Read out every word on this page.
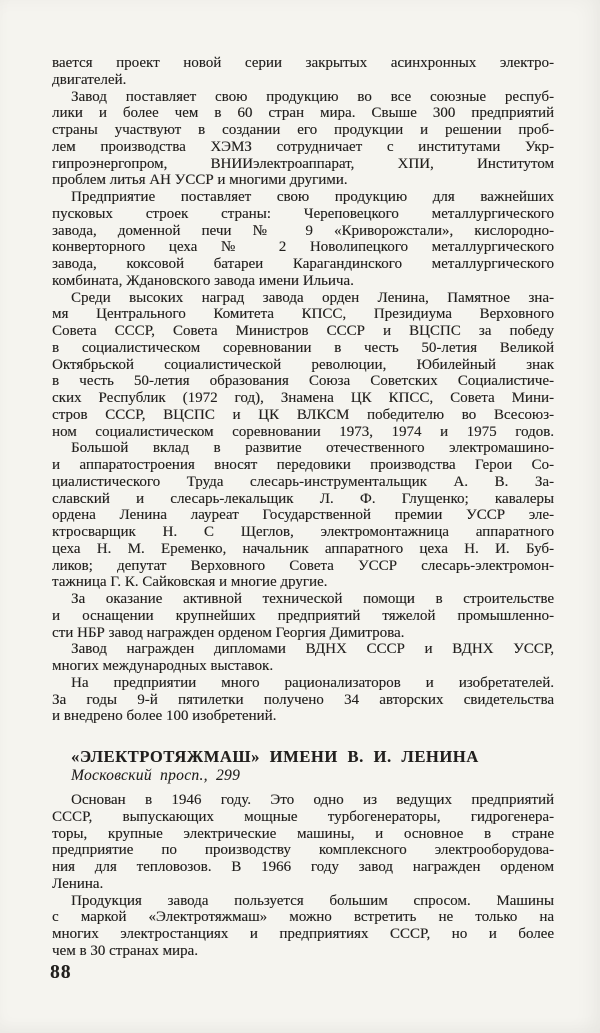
вается проект новой серии закрытых асинхронных электро-
двигателей.
Завод поставляет свою продукцию во все союзные респуб-
лики и более чем в 60 стран мира. Свыше 300 предприятий
страны участвуют в создании его продукции и решении проб-
лем производства ХЭМЗ сотрудничает с институтами Укр-
гипроэнергопром, ВНИИэлектроаппарат, ХПИ, Институтом
проблем литья АН УССР и многими другими.
Предприятие поставляет свою продукцию для важнейших
пусковых строек страны: Череповецкого металлургического
завода, доменной печи № 9 «Криворожстали», кислородно-
конверторного цеха № 2 Новолипецкого металлургического
завода, коксовой батареи Карагандинского металлургического
комбината, Ждановского завода имени Ильича.
Среди высоких наград завода орден Ленина, Памятное зна-
мя Центрального Комитета КПСС, Президиума Верховного
Совета СССР, Совета Министров СССР и ВЦСПС за победу
в социалистическом соревновании в честь 50-летия Великой
Октябрьской социалистической революции, Юбилейный знак
в честь 50-летия образования Союза Советских Социалистиче-
ских Республик (1972 год), Знамена ЦК КПСС, Совета Мини-
стров СССР, ВЦСПС и ЦК ВЛКСМ победителю во Всесоюз-
ном социалистическом соревновании 1973, 1974 и 1975 годов.
Большой вклад в развитие отечественного электромашино-
и аппаратостроения вносят передовики производства Герои Со-
циалистического Труда слесарь-инструментальщик А. В. За-
славский и слесарь-лекальщик Л. Ф. Глущенко; кавалеры
ордена Ленина лауреат Государственной премии УССР эле-
ктросварщик Н. С Щеглов, электромонтажница аппаратного
цеха Н. М. Еременко, начальник аппаратного цеха Н. И. Буб-
ликов; депутат Верховного Совета УССР слесарь-электромон-
тажница Г. К. Сайковская и многие другие.
За оказание активной технической помощи в строительстве
и оснащении крупнейших предприятий тяжелой промышленно-
сти НБР завод награжден орденом Георгия Димитрова.
Завод награжден дипломами ВДНХ СССР и ВДНХ УССР,
многих международных выставок.
На предприятии много рационализаторов и изобретателей.
За годы 9-й пятилетки получено 34 авторских свидетельства
и внедрено более 100 изобретений.
«ЭЛЕКТРОТЯЖМАШ» ИМЕНИ В. И. ЛЕНИНА
Московский просп., 299
Основан в 1946 году. Это одно из ведущих предприятий
СССР, выпускающих мощные турбогенераторы, гидрогенера-
торы, крупные электрические машины, и основное в стране
предприятие по производству комплексного электрооборудова-
ния для тепловозов. В 1966 году завод награжден орденом
Ленина.
Продукция завода пользуется большим спросом. Машины
с маркой «Электротяжмаш» можно встретить не только на
многих электростанциях и предприятиях СССР, но и более
чем в 30 странах мира.
88
